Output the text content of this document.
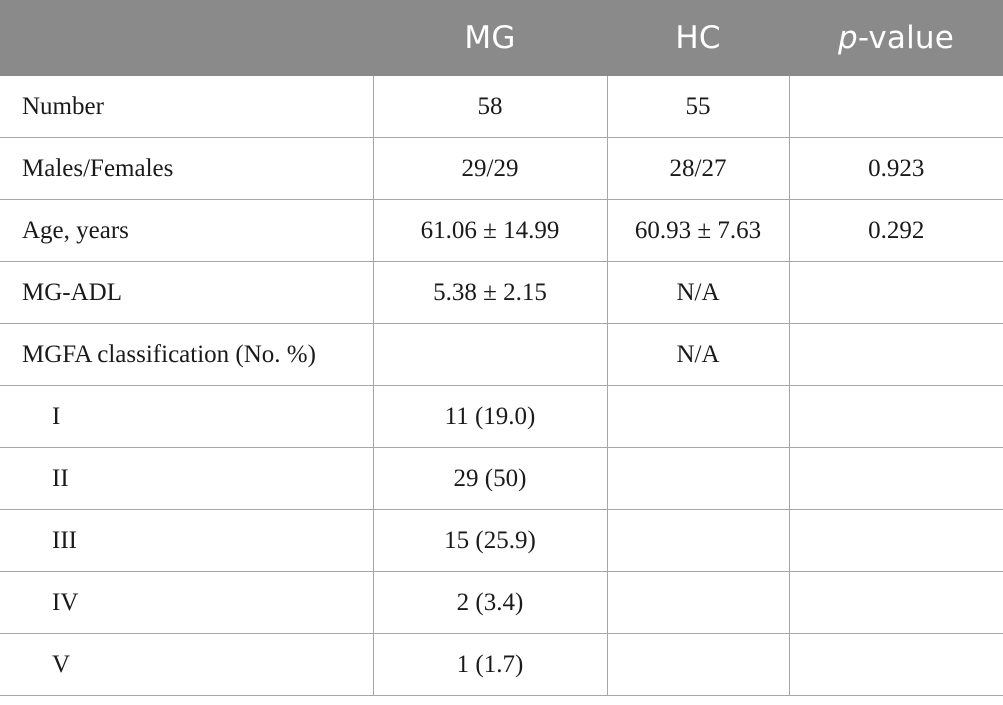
	MG	HC	p-value
Number	58	55	
Males/Females	29/29	28/27	0.923
Age, years	61.06 ± 14.99	60.93 ± 7.63	0.292
MG-ADL	5.38 ± 2.15	N/A	
MGFA classification (No. %)		N/A	
I	11 (19.0)		
II	29 (50)		
III	15 (25.9)		
IV	2 (3.4)		
V	1 (1.7)		
